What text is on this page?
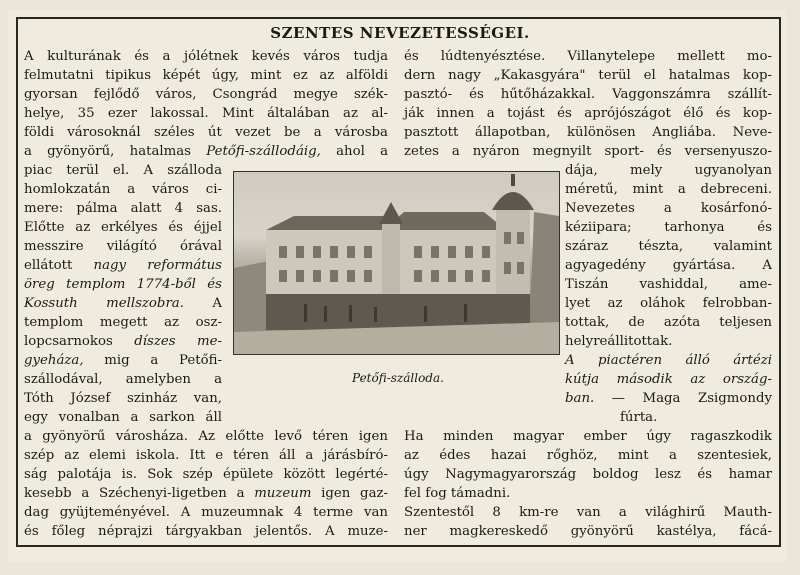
SZENTES NEVEZETESSÉGEI.
A kulturának és a jólétnek kevés város tudja
felmutatni tipikus képét úgy, mint ez az alföldi
gyorsan fejlődő város, Csongrád megye szék-
helye, 35 ezer lakossal. Mint általában az al-
földi városoknál széles út vezet be a városba
a gyönyörű, hatalmas Petőfi-szállodáig, ahol a
piac terül el. A szálloda
homlokzatán a város ci-
mere: pálma alatt 4 sas.
Előtte az erkélyes és éjjel
messzire világító órával
ellátott nagy református
öreg templom 1774-ből és
Kossuth mellszobra. A
templom megett az osz-
lopcsarnokos díszes me-
gyeháza, mig a Petőfi-
szállodával, amelyben a
Tóth József szinház van,
egy vonalban a sarkon áll
a gyönyörű városháza. Az előtte levő téren igen
szép az elemi iskola. Itt e téren áll a járásbíró-
ság palotája is. Sok szép épülete között legérté-
kesebb a Széchenyi-ligetben a muzeum igen gaz-
dag gyüjteményével. A muzeumnak 4 terme van
és főleg néprajzi tárgyakban jelentős. A muze-
és lúdtenyésztése. Villanytelepe mellett mo-
dern nagy „Kakasgyára" terül el hatalmas kop-
pasztó- és hűtőházakkal. Vaggonszámra szállít-
ják innen a tojást és aprójószágot élő és kop-
pasztott állapotban, különösen Angliába. Neve-
zetes a nyáron megnyilt sport- és versenyuszo-
dája, mely ugyanolyan
méretű, mint a debreceni.
Nevezetes a kosárfonó-
kéziipara; tarhonya és
száraz tészta, valamint
agyagedény gyártása. A
Tiszán vashiddal, ame-
lyet az oláhok felrobban-
tottak, de azóta teljesen
helyreállitottak.
A piactéren álló ártézi
kútja második az ország-
ban. — Maga Zsigmondy
fúrta.
Ha minden magyar ember úgy ragaszkodik
az édes hazai rőghöz, mint a szentesiek,
úgy Nagymagyarország boldog lesz és hamar
fel fog támadni.
Szentestől 8 km-re van a világhirű Mauth-
ner magkereskedő gyönyörű kastélya, fácá-
Petőfi-szálloda.
